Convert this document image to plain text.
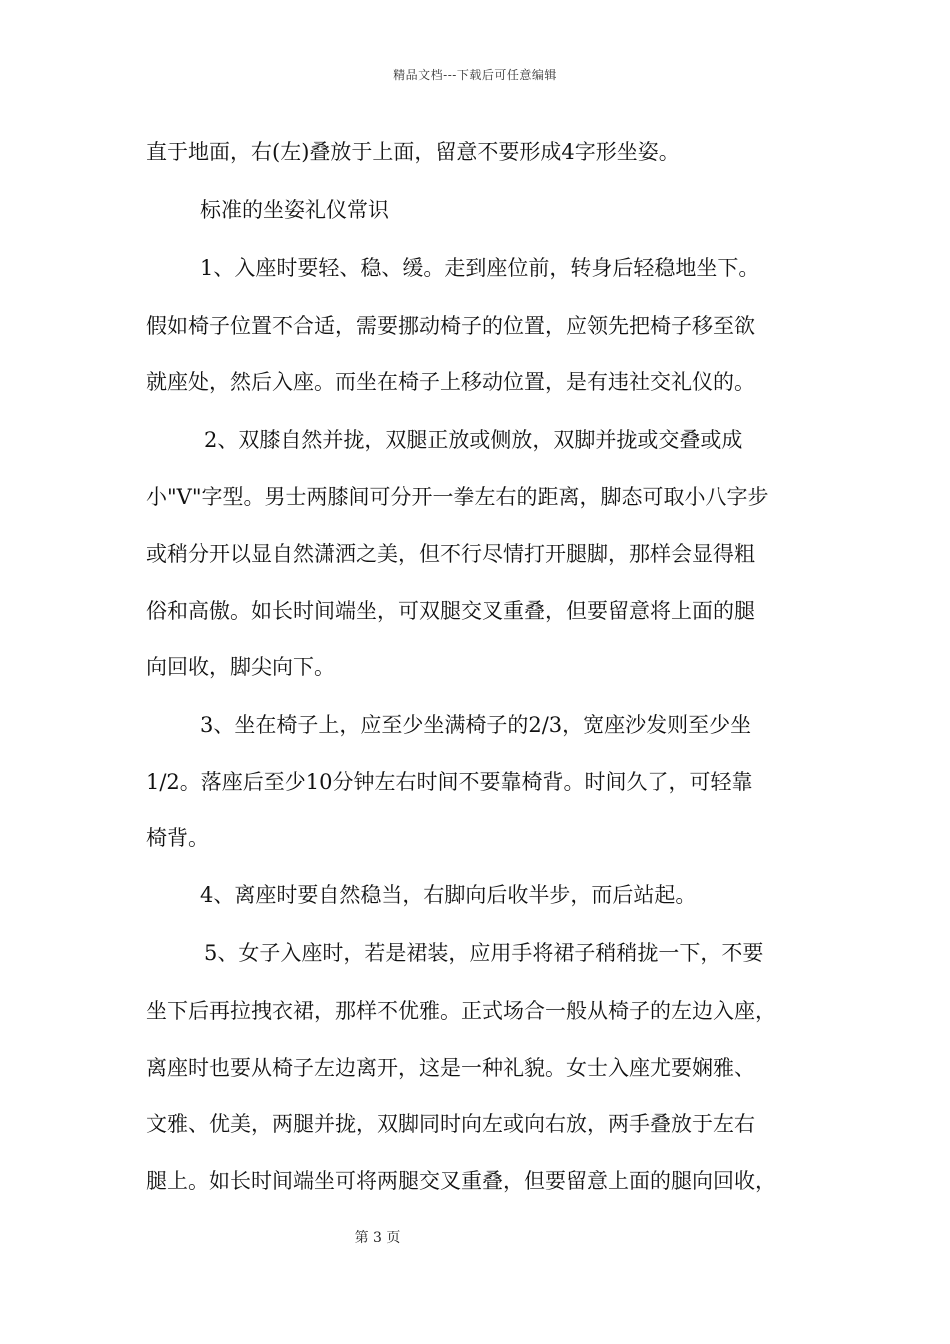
精品文档---下载后可任意编辑
直于地面，右(左)叠放于上面，留意不要形成4字形坐姿。
标准的坐姿礼仪常识
1、入座时要轻、稳、缓。走到座位前，转身后轻稳地坐下。
假如椅子位置不合适，需要挪动椅子的位置，应领先把椅子移至欲
就座处，然后入座。而坐在椅子上移动位置，是有违社交礼仪的。
2、双膝自然并拢，双腿正放或侧放，双脚并拢或交叠或成
小"V"字型。男士两膝间可分开一拳左右的距离，脚态可取小八字步
或稍分开以显自然潇洒之美，但不行尽情打开腿脚，那样会显得粗
俗和高傲。如长时间端坐，可双腿交叉重叠，但要留意将上面的腿
向回收，脚尖向下。
3、坐在椅子上，应至少坐满椅子的2/3，宽座沙发则至少坐
1/2。落座后至少10分钟左右时间不要靠椅背。时间久了，可轻靠
椅背。
4、离座时要自然稳当，右脚向后收半步，而后站起。
5、女子入座时，若是裙装，应用手将裙子稍稍拢一下，不要
坐下后再拉拽衣裙，那样不优雅。正式场合一般从椅子的左边入座，
离座时也要从椅子左边离开，这是一种礼貌。女士入座尤要娴雅、
文雅、优美，两腿并拢，双脚同时向左或向右放，两手叠放于左右
腿上。如长时间端坐可将两腿交叉重叠，但要留意上面的腿向回收，
第 3 页
